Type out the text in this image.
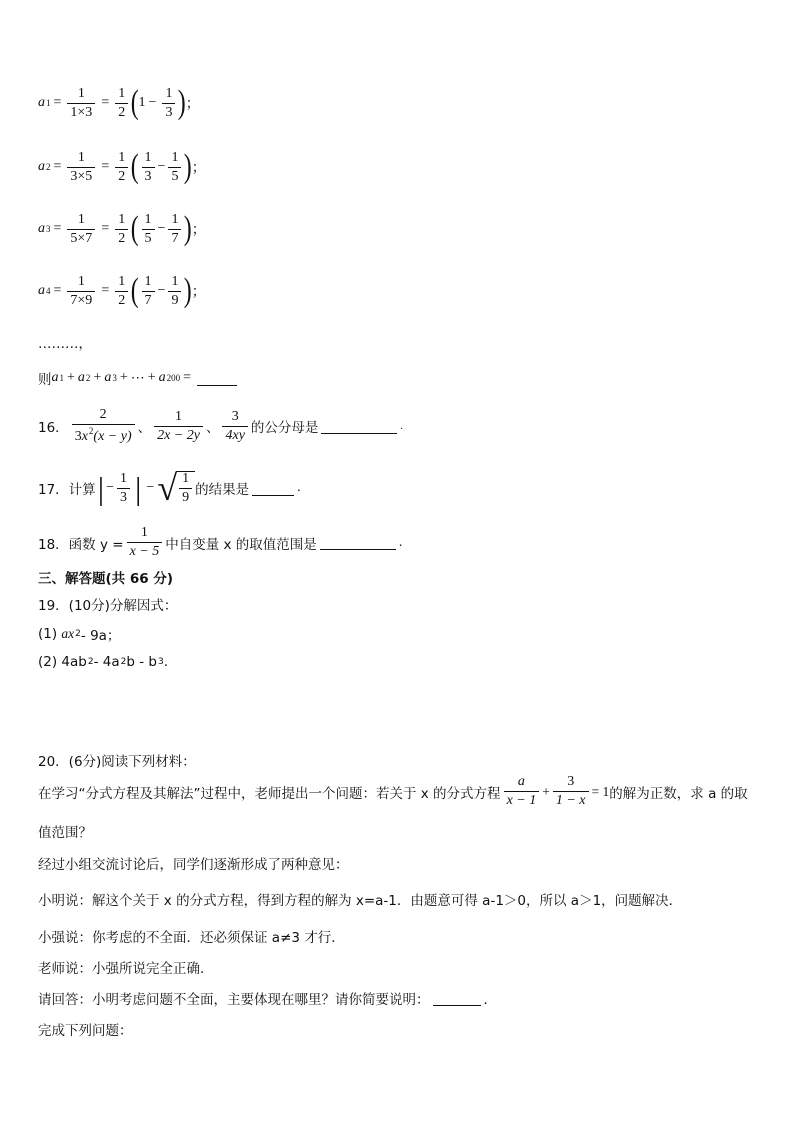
a $1 = \frac{1}{1\times 3} = \frac{1}{2}$ ( $1 - \frac{1}{3}$ ) ；
a $2 = \frac{1}{3\times 5} = \frac{1}{2}$ ( $\frac{1}{3} - \frac{1}{5}$ ) ；
a $3 = \frac{1}{5\times 7} = \frac{1}{2}$ ( $\frac{1}{5} - \frac{1}{7}$ ) ；
a $4 = \frac{1}{7\times 9} = \frac{1}{2}$ ( $\frac{1}{7} - \frac{1}{9}$ ) ；
………，
则 a 1 + a 2 + a 3 + ⋯ + a 200 =
16． $\frac{2}{3x^2(x - y)}$ 、 $\frac{1}{2x - 2y}$ 、 $\frac{3}{4xy}$ 的公分母是	.
17．计算 | − $\frac{1}{3}$ | − √ $\frac{1}{9}$ 的结果是	.
18．函数 $y = \frac{1}{x - 5}$ 中自变量 x 的取值范围是	.
三、解答题(共 66 分)
19．(10分)分解因式：
(1)
ax 2 - 9a；
(2)
4ab 2 - 4a 2 b - b 3 .
20．(6分)阅读下列材料：
在学习“分式方程及其解法”过程中，老师提出一个问题：若关于 x 的分式方程 $\frac{a}{x - 1} + \frac{3}{1 - x} = 1$ 的解为正数，求 a 的取
值范围？
经过小组交流讨论后，同学们逐渐形成了两种意见：
小明说：解这个关于 x 的分式方程，得到方程的解为 x=a-1．由题意可得 a-1＞0，所以 a＞1，问题解决．
小强说：你考虑的不全面．还必须保证 a≠3 才行．
老师说：小强所说完全正确．
请回答：小明考虑问题不全面，主要体现在哪里？请你简要说明：	．
完成下列问题：
